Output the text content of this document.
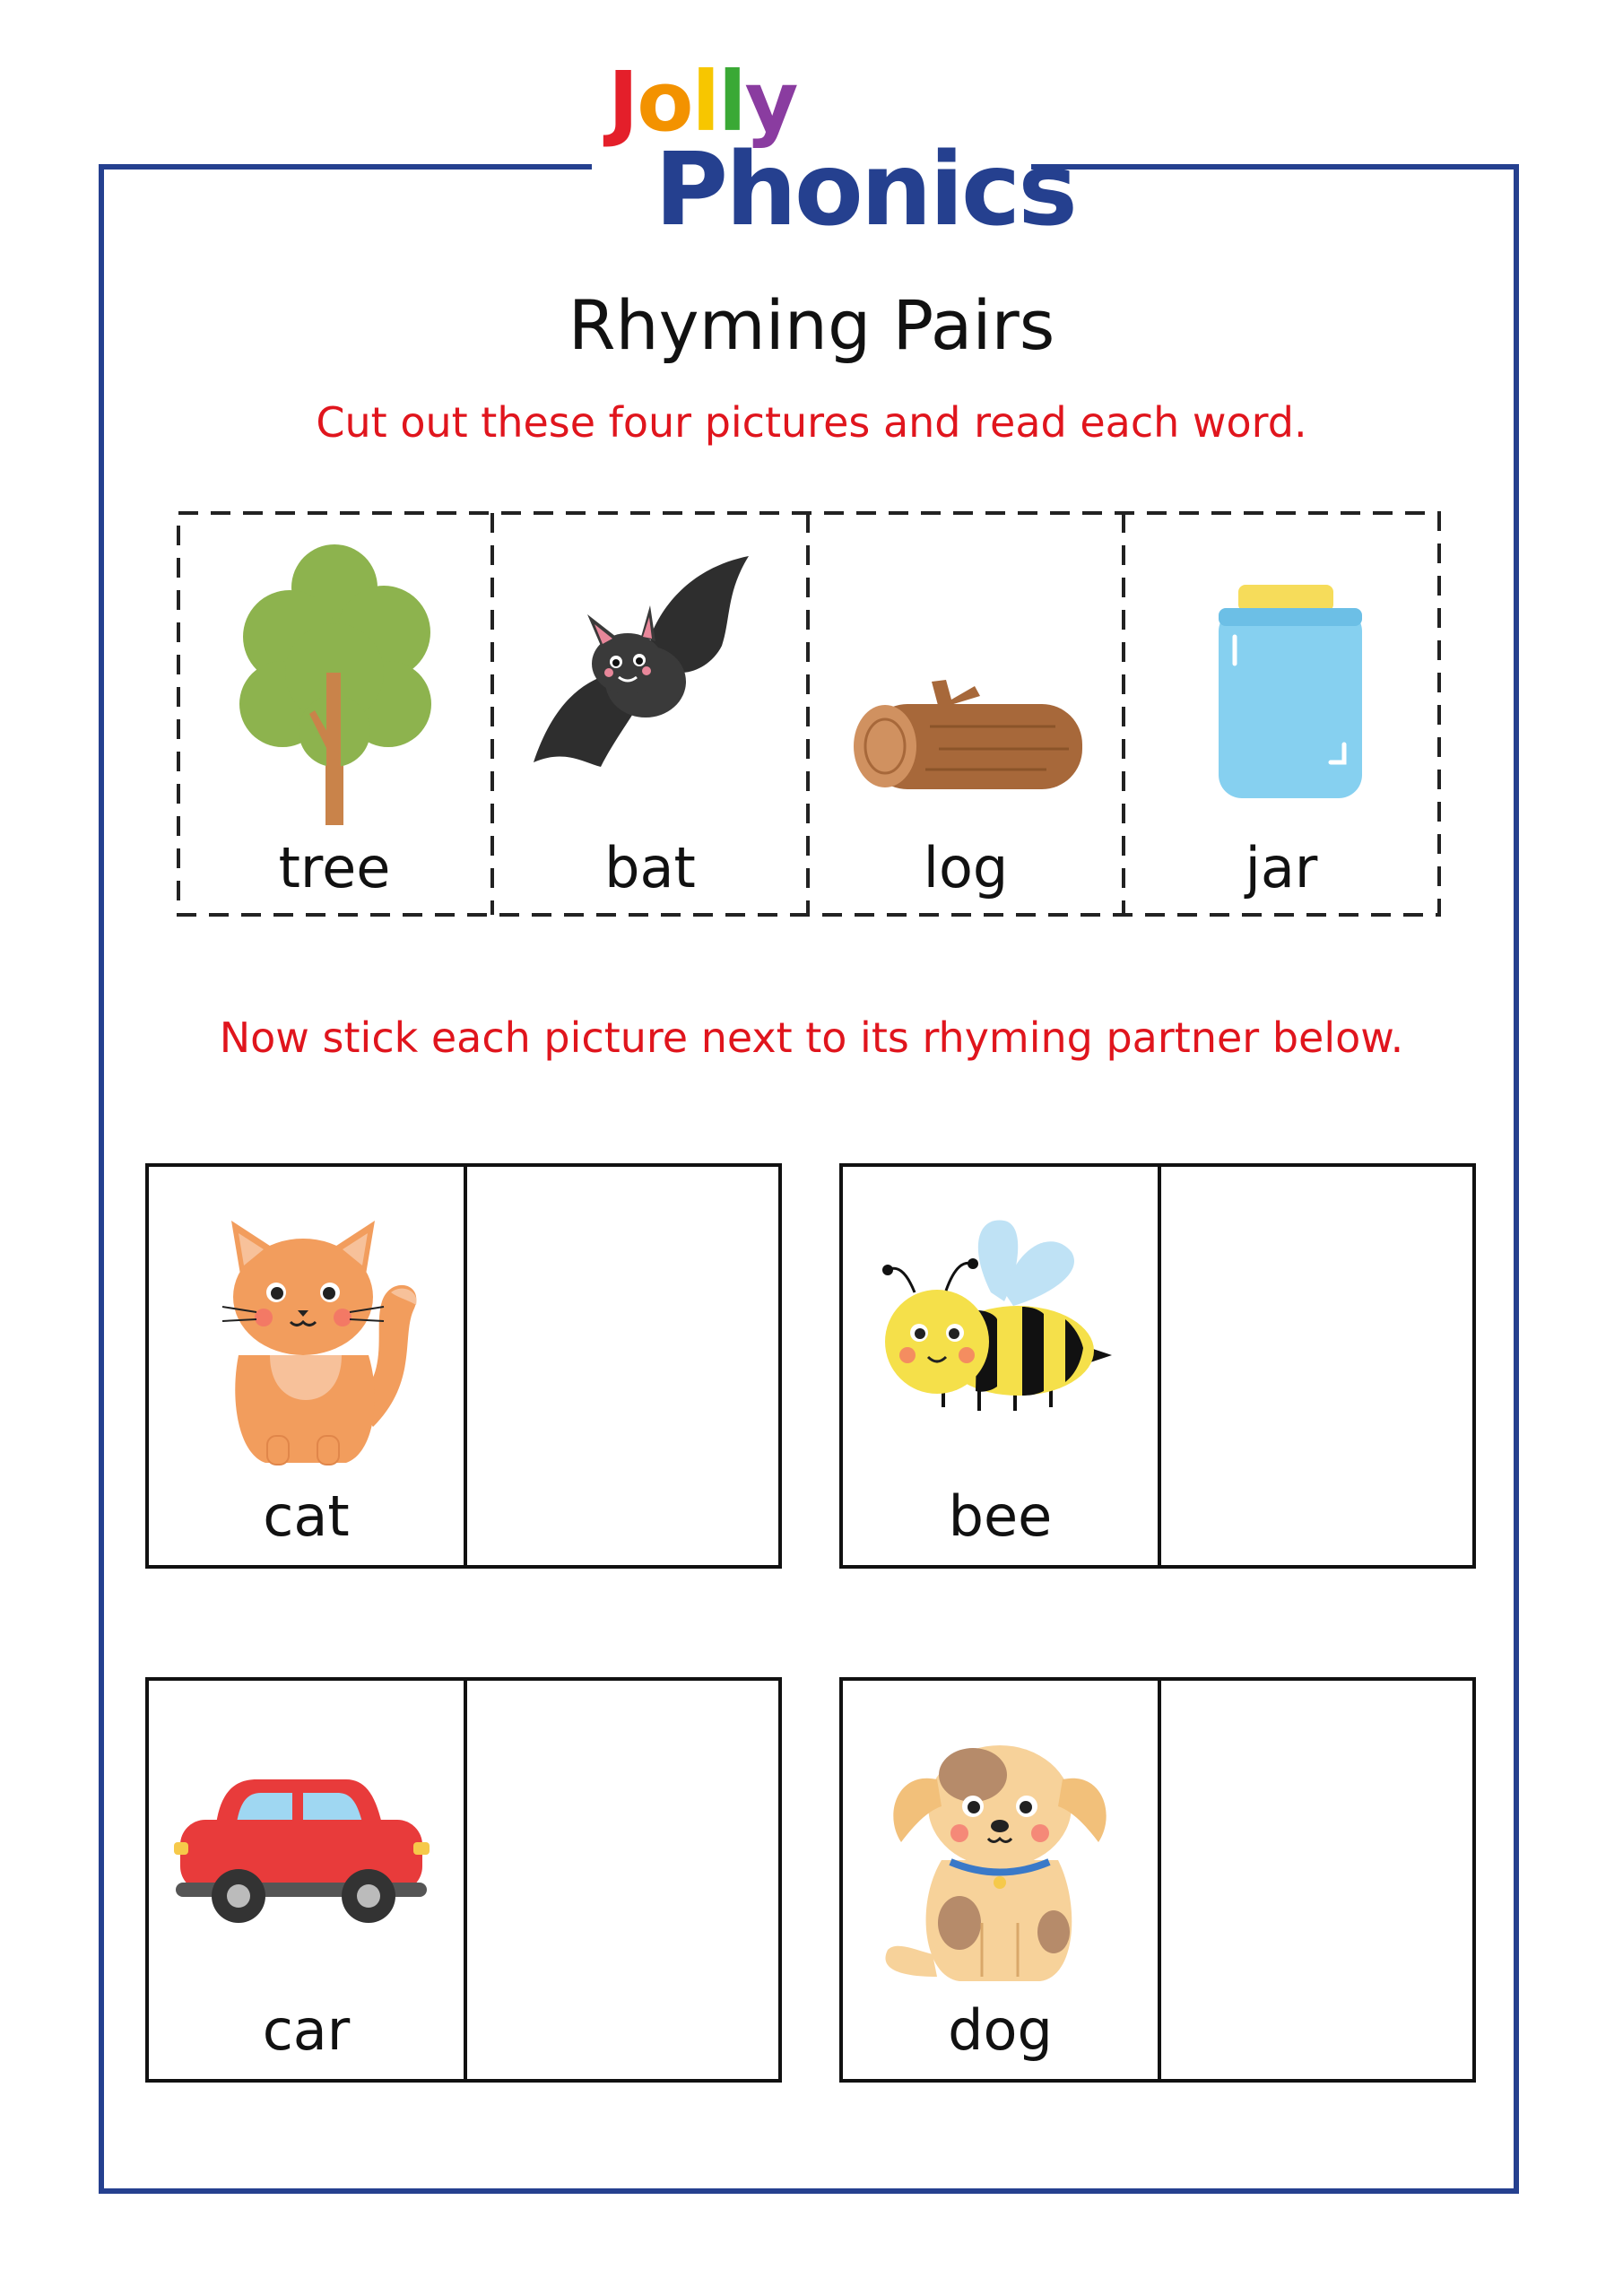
Jolly
Phonics
Rhyming Pairs
Cut out these four pictures and read each word.
tree	bat	log	jar
Now stick each picture next to its rhyming partner below.
cat	bee
car	dog
